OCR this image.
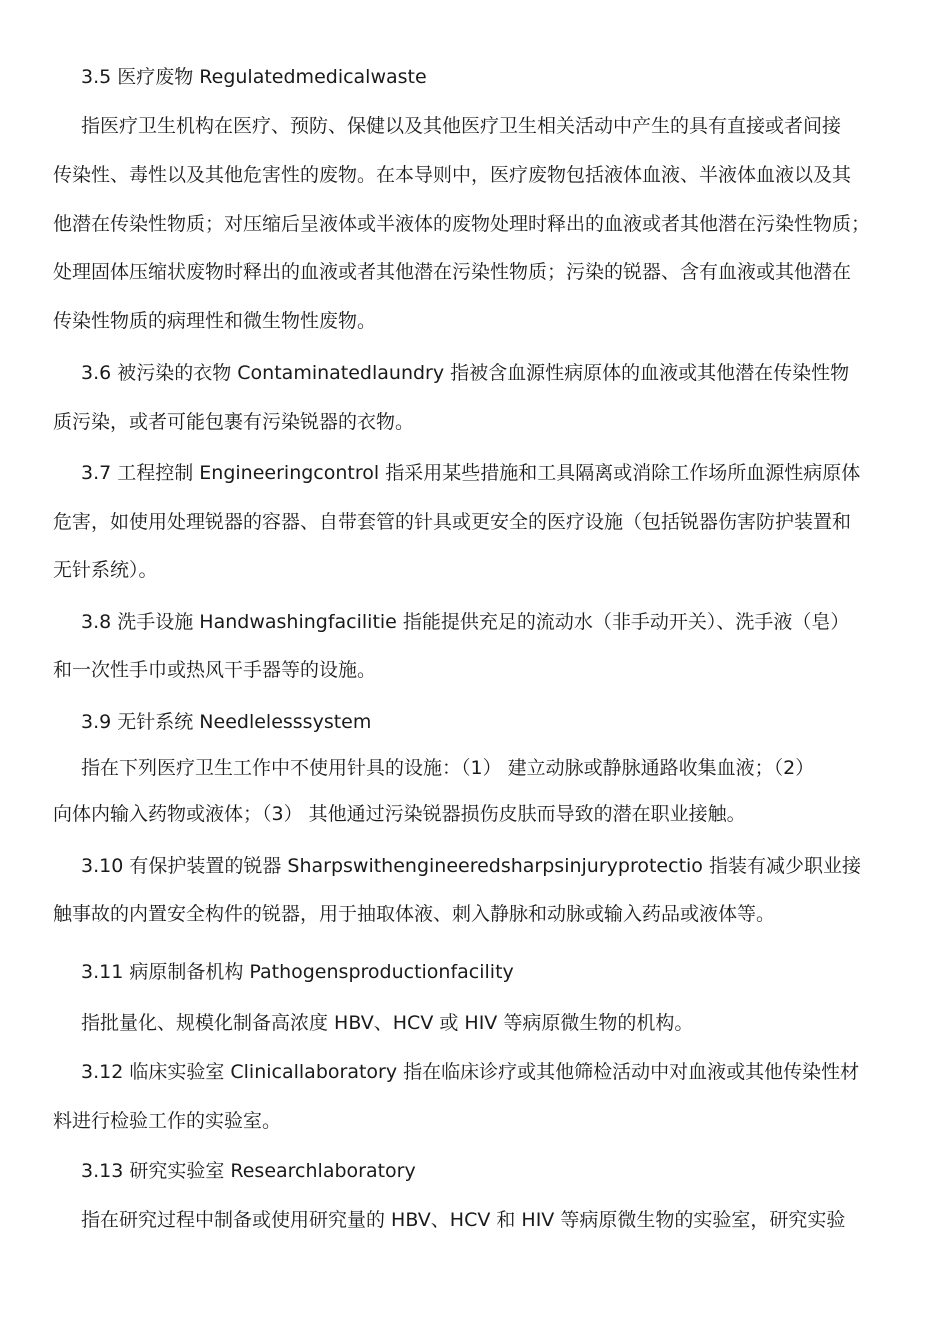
3.5 医疗废物 Regulatedmedicalwaste
指医疗卫生机构在医疗、预防、保健以及其他医疗卫生相关活动中产生的具有直接或者间接
传染性、毒性以及其他危害性的废物。在本导则中，医疗废物包括液体血液、半液体血液以及其
他潜在传染性物质；对压缩后呈液体或半液体的废物处理时释出的血液或者其他潜在污染性物质；
处理固体压缩状废物时释出的血液或者其他潜在污染性物质；污染的锐器、含有血液或其他潜在
传染性物质的病理性和微生物性废物。
3.6 被污染的衣物 Contaminatedlaundry 指被含血源性病原体的血液或其他潜在传染性物
质污染，或者可能包裹有污染锐器的衣物。
3.7 工程控制 Engineeringcontrol 指采用某些措施和工具隔离或消除工作场所血源性病原体
危害，如使用处理锐器的容器、自带套管的针具或更安全的医疗设施（包括锐器伤害防护装置和
无针系统）。
3.8 洗手设施 Handwashingfacilitie 指能提供充足的流动水（非手动开关）、洗手液（皂）
和一次性手巾或热风干手器等的设施。
3.9 无针系统 Needlelesssystem
指在下列医疗卫生工作中不使用针具的设施：（1） 建立动脉或静脉通路收集血液；（2）
向体内输入药物或液体；（3） 其他通过污染锐器损伤皮肤而导致的潜在职业接触。
3.10 有保护装置的锐器 Sharpswithengineeredsharpsinjuryprotectio 指装有减少职业接
触事故的内置安全构件的锐器，用于抽取体液、刺入静脉和动脉或输入药品或液体等。
3.11 病原制备机构 Pathogensproductionfacility
指批量化、规模化制备高浓度 HBV、HCV 或 HIV 等病原微生物的机构。
3.12 临床实验室 Clinicallaboratory 指在临床诊疗或其他筛检活动中对血液或其他传染性材
料进行检验工作的实验室。
3.13 研究实验室 Researchlaboratory
指在研究过程中制备或使用研究量的 HBV、HCV 和 HIV 等病原微生物的实验室，研究实验
